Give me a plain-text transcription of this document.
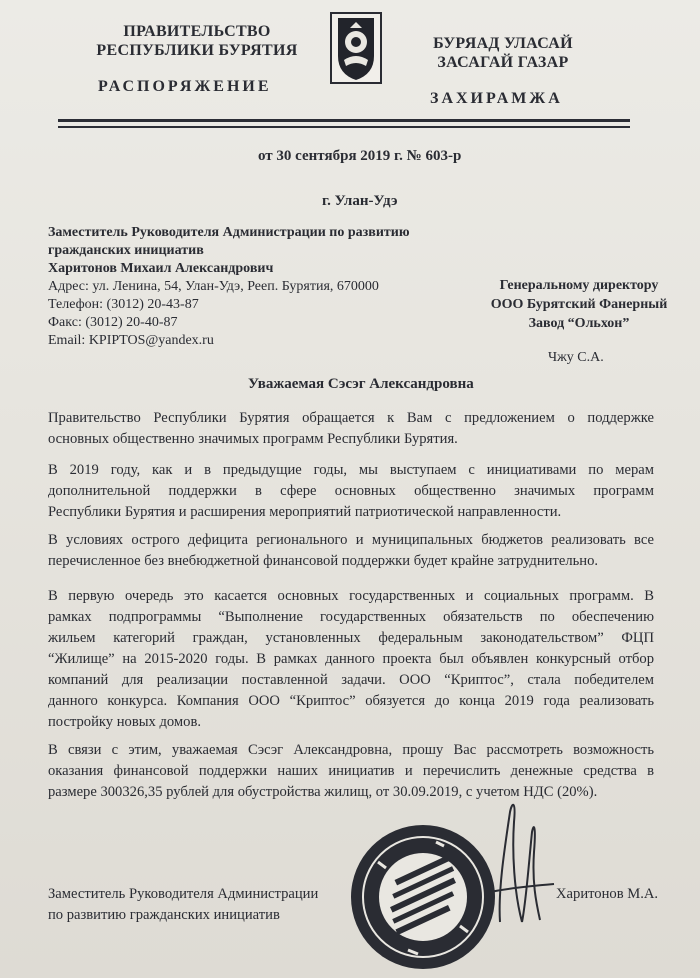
ПРАВИТЕЛЬСТВО
РЕСПУБЛИКИ БУРЯТИЯ
РАСПОРЯЖЕНИЕ
БУРЯАД УЛАСАЙ
ЗАСАГАЙ ГАЗАР
ЗАХИРАМЖА
от 30 сентября 2019 г. № 603-р
г. Улан-Удэ
Заместитель Руководителя Администрации по развитию
гражданских инициатив
Харитонов Михаил Александрович
Адрес: ул. Ленина, 54, Улан-Удэ, Реeп. Бурятия, 670000
Телефон: (3012) 20-43-87
Факс: (3012) 20-40-87
Email: KPIPTOS@yandex.ru
Генеральному директору
ООО Бурятский Фанерный
Завод “Ольхон”
Чжу С.А.
Уважаемая Сэсэг Александровна
Правительство Республики Бурятия обращается к Вам с предложением о поддержке
основных общественно значимых программ Республики Бурятия.
В 2019 году, как и в предыдущие годы, мы выступаем с инициативами по мерам
дополнительной поддержки в сфере основных общественно значимых программ
Республики Бурятия и расширения мероприятий патриотической направленности.
В условиях острого дефицита регионального и муниципальных бюджетов реализовать все
перечисленное без внебюджетной финансовой поддержки будет крайне затруднительно.
В первую очередь это касается основных государственных и социальных программ. В
рамках подпрограммы “Выполнение государственных обязательств по обеспечению
жильем категорий граждан, установленных федеральным законодательством” ФЦП
“Жилище” на 2015-2020 годы. В рамках данного проекта был объявлен конкурсный отбор
компаний для реализации поставленной задачи. ООО “Криптос”, стала победителем
данного конкурса. Компания ООО “Криптос” обязуется до конца 2019 года реализовать
постройку новых домов.
В связи с этим, уважаемая Сэсэг Александровна, прошу Вас рассмотреть возможность
оказания финансовой поддержки наших инициатив и перечислить денежные средства в
размере 300326,35 рублей для обустройства жилищ, от 30.09.2019, с учетом НДС (20%).
Заместитель Руководителя Администрации
по развитию гражданских инициатив
Харитонов М.А.
